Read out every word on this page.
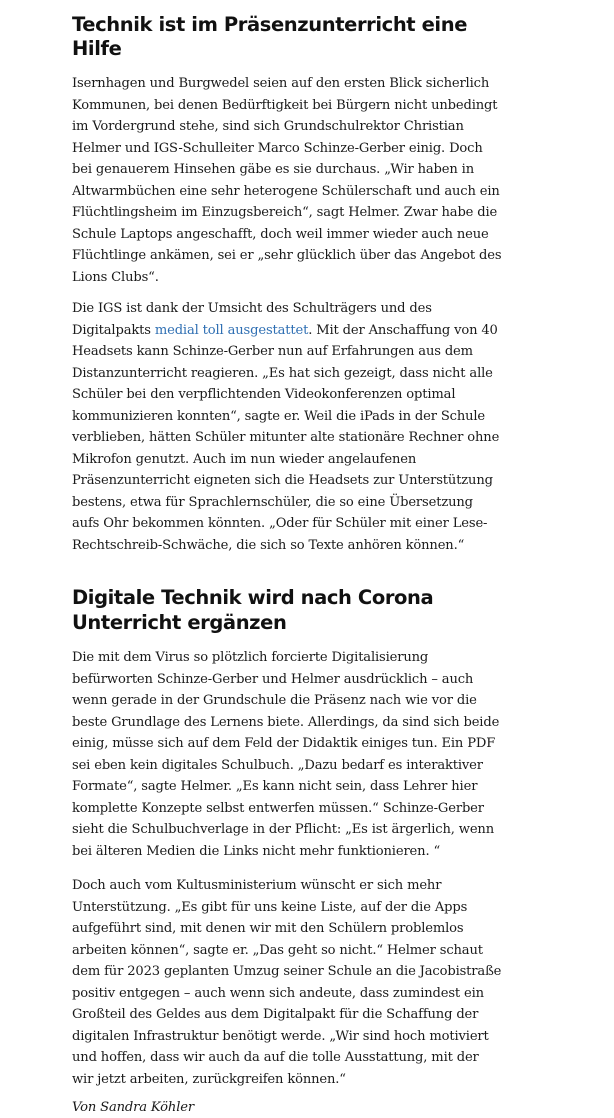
Technik ist im Präsenzunterricht eine Hilfe

Isernhagen und Burgwedel seien auf den ersten Blick sicherlich Kommunen, bei denen Bedürftigkeit bei Bürgern nicht unbedingt im Vordergrund stehe, sind sich Grundschulrektor Christian Helmer und IGS-Schulleiter Marco Schinze-Gerber einig. Doch bei genauerem Hinsehen gäbe es sie durchaus. „Wir haben in Altwarmbüchen eine sehr heterogene Schülerschaft und auch ein Flüchtlingsheim im Einzugsbereich“, sagt Helmer. Zwar habe die Schule Laptops angeschafft, doch weil immer wieder auch neue Flüchtlinge ankämen, sei er „sehr glücklich über das Angebot des Lions Clubs“.

Die IGS ist dank der Umsicht des Schulträgers und des Digitalpakts medial toll ausgestattet. Mit der Anschaffung von 40 Headsets kann Schinze-Gerber nun auf Erfahrungen aus dem Distanzunterricht reagieren. „Es hat sich gezeigt, dass nicht alle Schüler bei den verpflichtenden Videokonferenzen optimal kommunizieren konnten“, sagte er. Weil die iPads in der Schule verblieben, hätten Schüler mitunter alte stationäre Rechner ohne Mikrofon genutzt. Auch im nun wieder angelaufenen Präsenzunterricht eigneten sich die Headsets zur Unterstützung bestens, etwa für Sprachlernschüler, die so eine Übersetzung aufs Ohr bekommen könnten. „Oder für Schüler mit einer Lese-Rechtschreib-Schwäche, die sich so Texte anhören können.“

Digitale Technik wird nach Corona Unterricht ergänzen

Die mit dem Virus so plötzlich forcierte Digitalisierung befürworten Schinze-Gerber und Helmer ausdrücklich – auch wenn gerade in der Grundschule die Präsenz nach wie vor die beste Grundlage des Lernens biete. Allerdings, da sind sich beide einig, müsse sich auf dem Feld der Didaktik einiges tun. Ein PDF sei eben kein digitales Schulbuch. „Dazu bedarf es interaktiver Formate“, sagte Helmer. „Es kann nicht sein, dass Lehrer hier komplette Konzepte selbst entwerfen müssen.“ Schinze-Gerber sieht die Schulbuchverlage in der Pflicht: „Es ist ärgerlich, wenn bei älteren Medien die Links nicht mehr funktionieren. “

Doch auch vom Kultusministerium wünscht er sich mehr Unterstützung. „Es gibt für uns keine Liste, auf der die Apps aufgeführt sind, mit denen wir mit den Schülern problemlos arbeiten können“, sagte er. „Das geht so nicht.“ Helmer schaut dem für 2023 geplanten Umzug seiner Schule an die Jacobistraße positiv entgegen – auch wenn sich andeute, dass zumindest ein Großteil des Geldes aus dem Digitalpakt für die Schaffung der digitalen Infrastruktur benötigt werde. „Wir sind hoch motiviert und hoffen, dass wir auch da auf die tolle Ausstattung, mit der wir jetzt arbeiten, zurückgreifen können.“

Von Sandra Köhler
